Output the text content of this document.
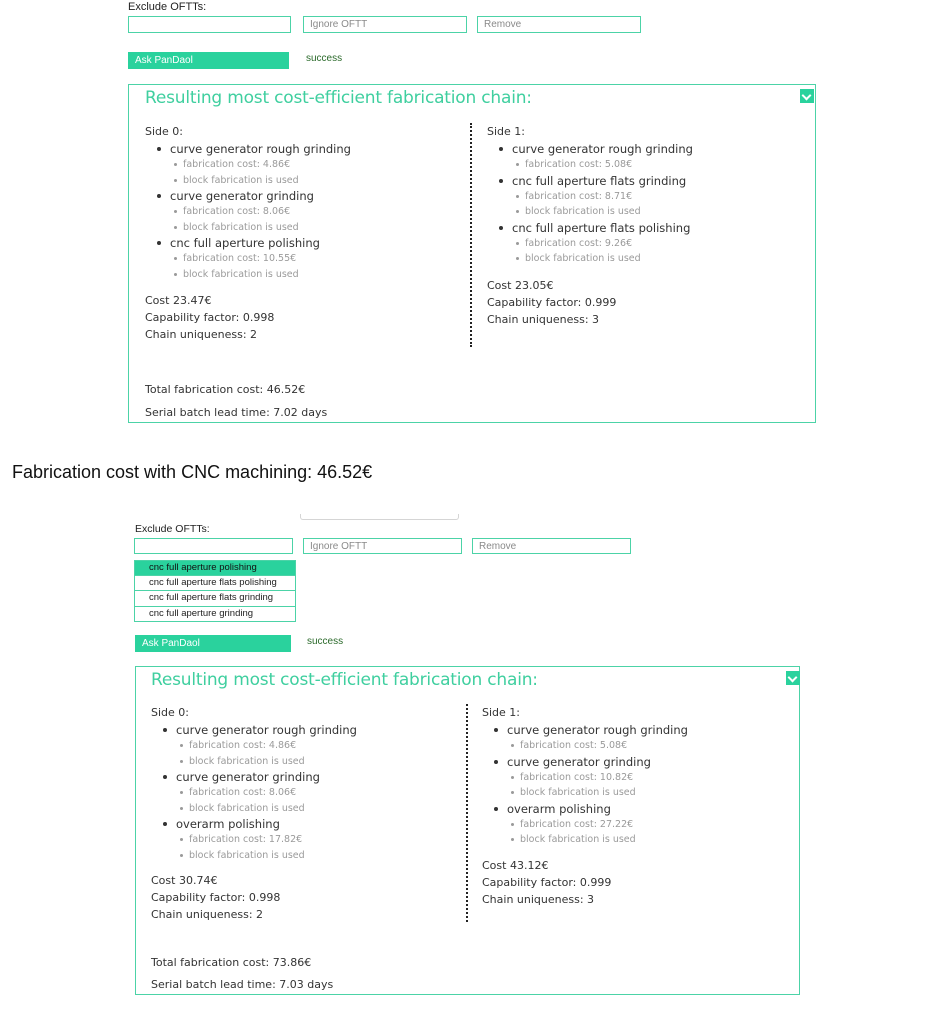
Exclude OFTTs:
Ignore OFTT	Remove
Ask PanDaol	success
Resulting most cost-efficient fabrication chain:
Side 0:
curve generator rough grinding
fabrication cost: 4.86€
block fabrication is used
curve generator grinding
fabrication cost: 8.06€
block fabrication is used
cnc full aperture polishing
fabrication cost: 10.55€
block fabrication is used
Cost 23.47€
Capability factor: 0.998
Chain uniqueness: 2
Side 1:
curve generator rough grinding
fabrication cost: 5.08€
cnc full aperture flats grinding
fabrication cost: 8.71€
block fabrication is used
cnc full aperture flats polishing
fabrication cost: 9.26€
block fabrication is used
Cost 23.05€
Capability factor: 0.999
Chain uniqueness: 3
Total fabrication cost: 46.52€
Serial batch lead time: 7.02 days
Fabrication cost with CNC machining: 46.52€
Exclude OFTTs:
Ignore OFTT	Remove
cnc full aperture polishing
cnc full aperture flats polishing
cnc full aperture flats grinding
cnc full aperture grinding
Ask PanDaol	success
Resulting most cost-efficient fabrication chain:
Side 0:
curve generator rough grinding
fabrication cost: 4.86€
block fabrication is used
curve generator grinding
fabrication cost: 8.06€
block fabrication is used
overarm polishing
fabrication cost: 17.82€
block fabrication is used
Cost 30.74€
Capability factor: 0.998
Chain uniqueness: 2
Side 1:
curve generator rough grinding
fabrication cost: 5.08€
curve generator grinding
fabrication cost: 10.82€
block fabrication is used
overarm polishing
fabrication cost: 27.22€
block fabrication is used
Cost 43.12€
Capability factor: 0.999
Chain uniqueness: 3
Total fabrication cost: 73.86€
Serial batch lead time: 7.03 days
